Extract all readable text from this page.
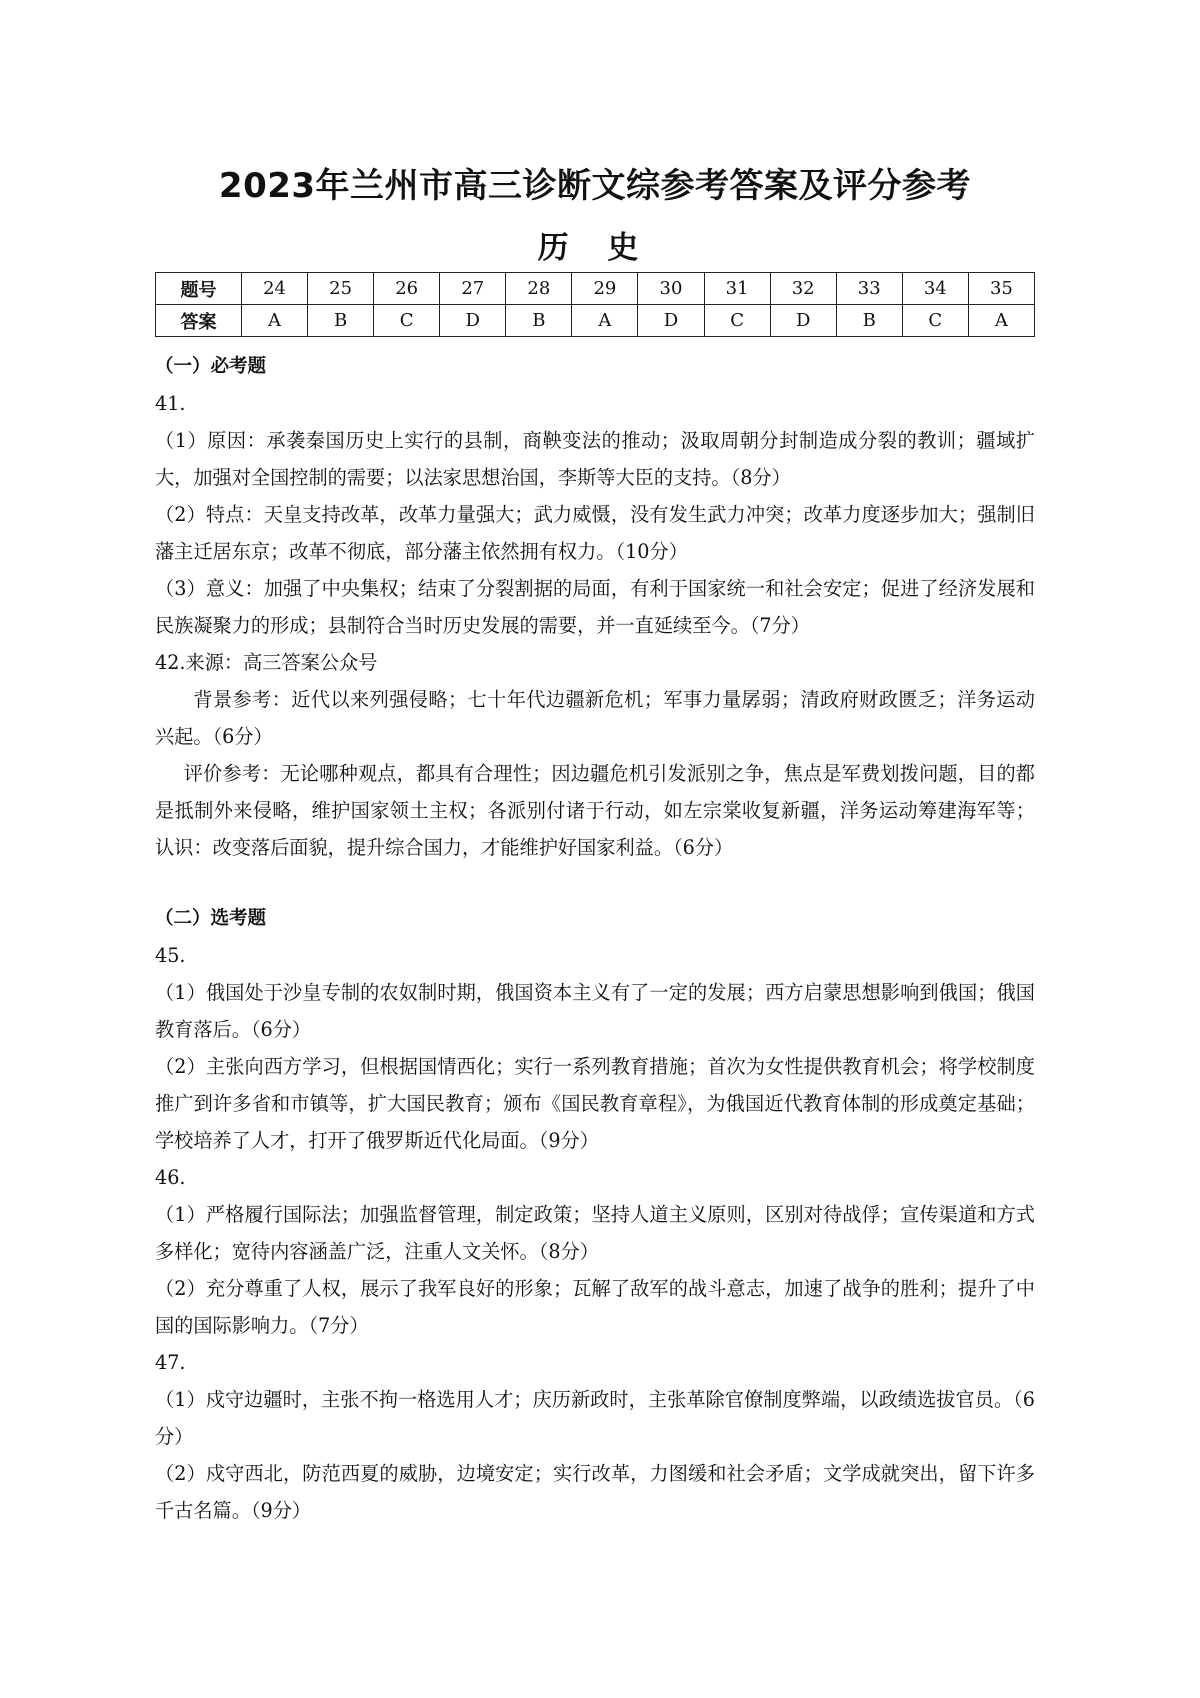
2023年兰州市高三诊断文综参考答案及评分参考
历 史
题号	24	25	26	27	28	29	30	31	32	33	34	35
答案	A	B	C	D	B	A	D	C	D	B	C	A

（一）必考题

41.

（1）原因：承袭秦国历史上实行的县制，商鞅变法的推动；汲取周朝分封制造成分裂的教训；疆域扩大，加强对全国控制的需要；以法家思想治国，李斯等大臣的支持。（8分）

（2）特点：天皇支持改革，改革力量强大；武力威慑，没有发生武力冲突；改革力度逐步加大；强制旧藩主迁居东京；改革不彻底，部分藩主依然拥有权力。（10分）

（3）意义：加强了中央集权；结束了分裂割据的局面，有利于国家统一和社会安定；促进了经济发展和民族凝聚力的形成；县制符合当时历史发展的需要，并一直延续至今。（7分）

42.来源：高三答案公众号

背景参考：近代以来列强侵略；七十年代边疆新危机；军事力量孱弱；清政府财政匮乏；洋务运动兴起。（6分）

评价参考：无论哪种观点，都具有合理性；因边疆危机引发派别之争，焦点是军费划拨问题，目的都是抵制外来侵略，维护国家领土主权；各派别付诸于行动，如左宗棠收复新疆，洋务运动筹建海军等；认识：改变落后面貌，提升综合国力，才能维护好国家利益。（6分）

（二）选考题

45.

（1）俄国处于沙皇专制的农奴制时期，俄国资本主义有了一定的发展；西方启蒙思想影响到俄国；俄国教育落后。（6分）

（2）主张向西方学习，但根据国情西化；实行一系列教育措施；首次为女性提供教育机会；将学校制度推广到许多省和市镇等，扩大国民教育；颁布《国民教育章程》，为俄国近代教育体制的形成奠定基础；学校培养了人才，打开了俄罗斯近代化局面。（9分）

46.

（1）严格履行国际法；加强监督管理，制定政策；坚持人道主义原则，区别对待战俘；宣传渠道和方式多样化；宽待内容涵盖广泛，注重人文关怀。（8分）

（2）充分尊重了人权，展示了我军良好的形象；瓦解了敌军的战斗意志，加速了战争的胜利；提升了中国的国际影响力。（7分）

47.

（1）戍守边疆时，主张不拘一格选用人才；庆历新政时，主张革除官僚制度弊端，以政绩选拔官员。（6分）

（2）戍守西北，防范西夏的威胁，边境安定；实行改革，力图缓和社会矛盾；文学成就突出，留下许多千古名篇。（9分）
